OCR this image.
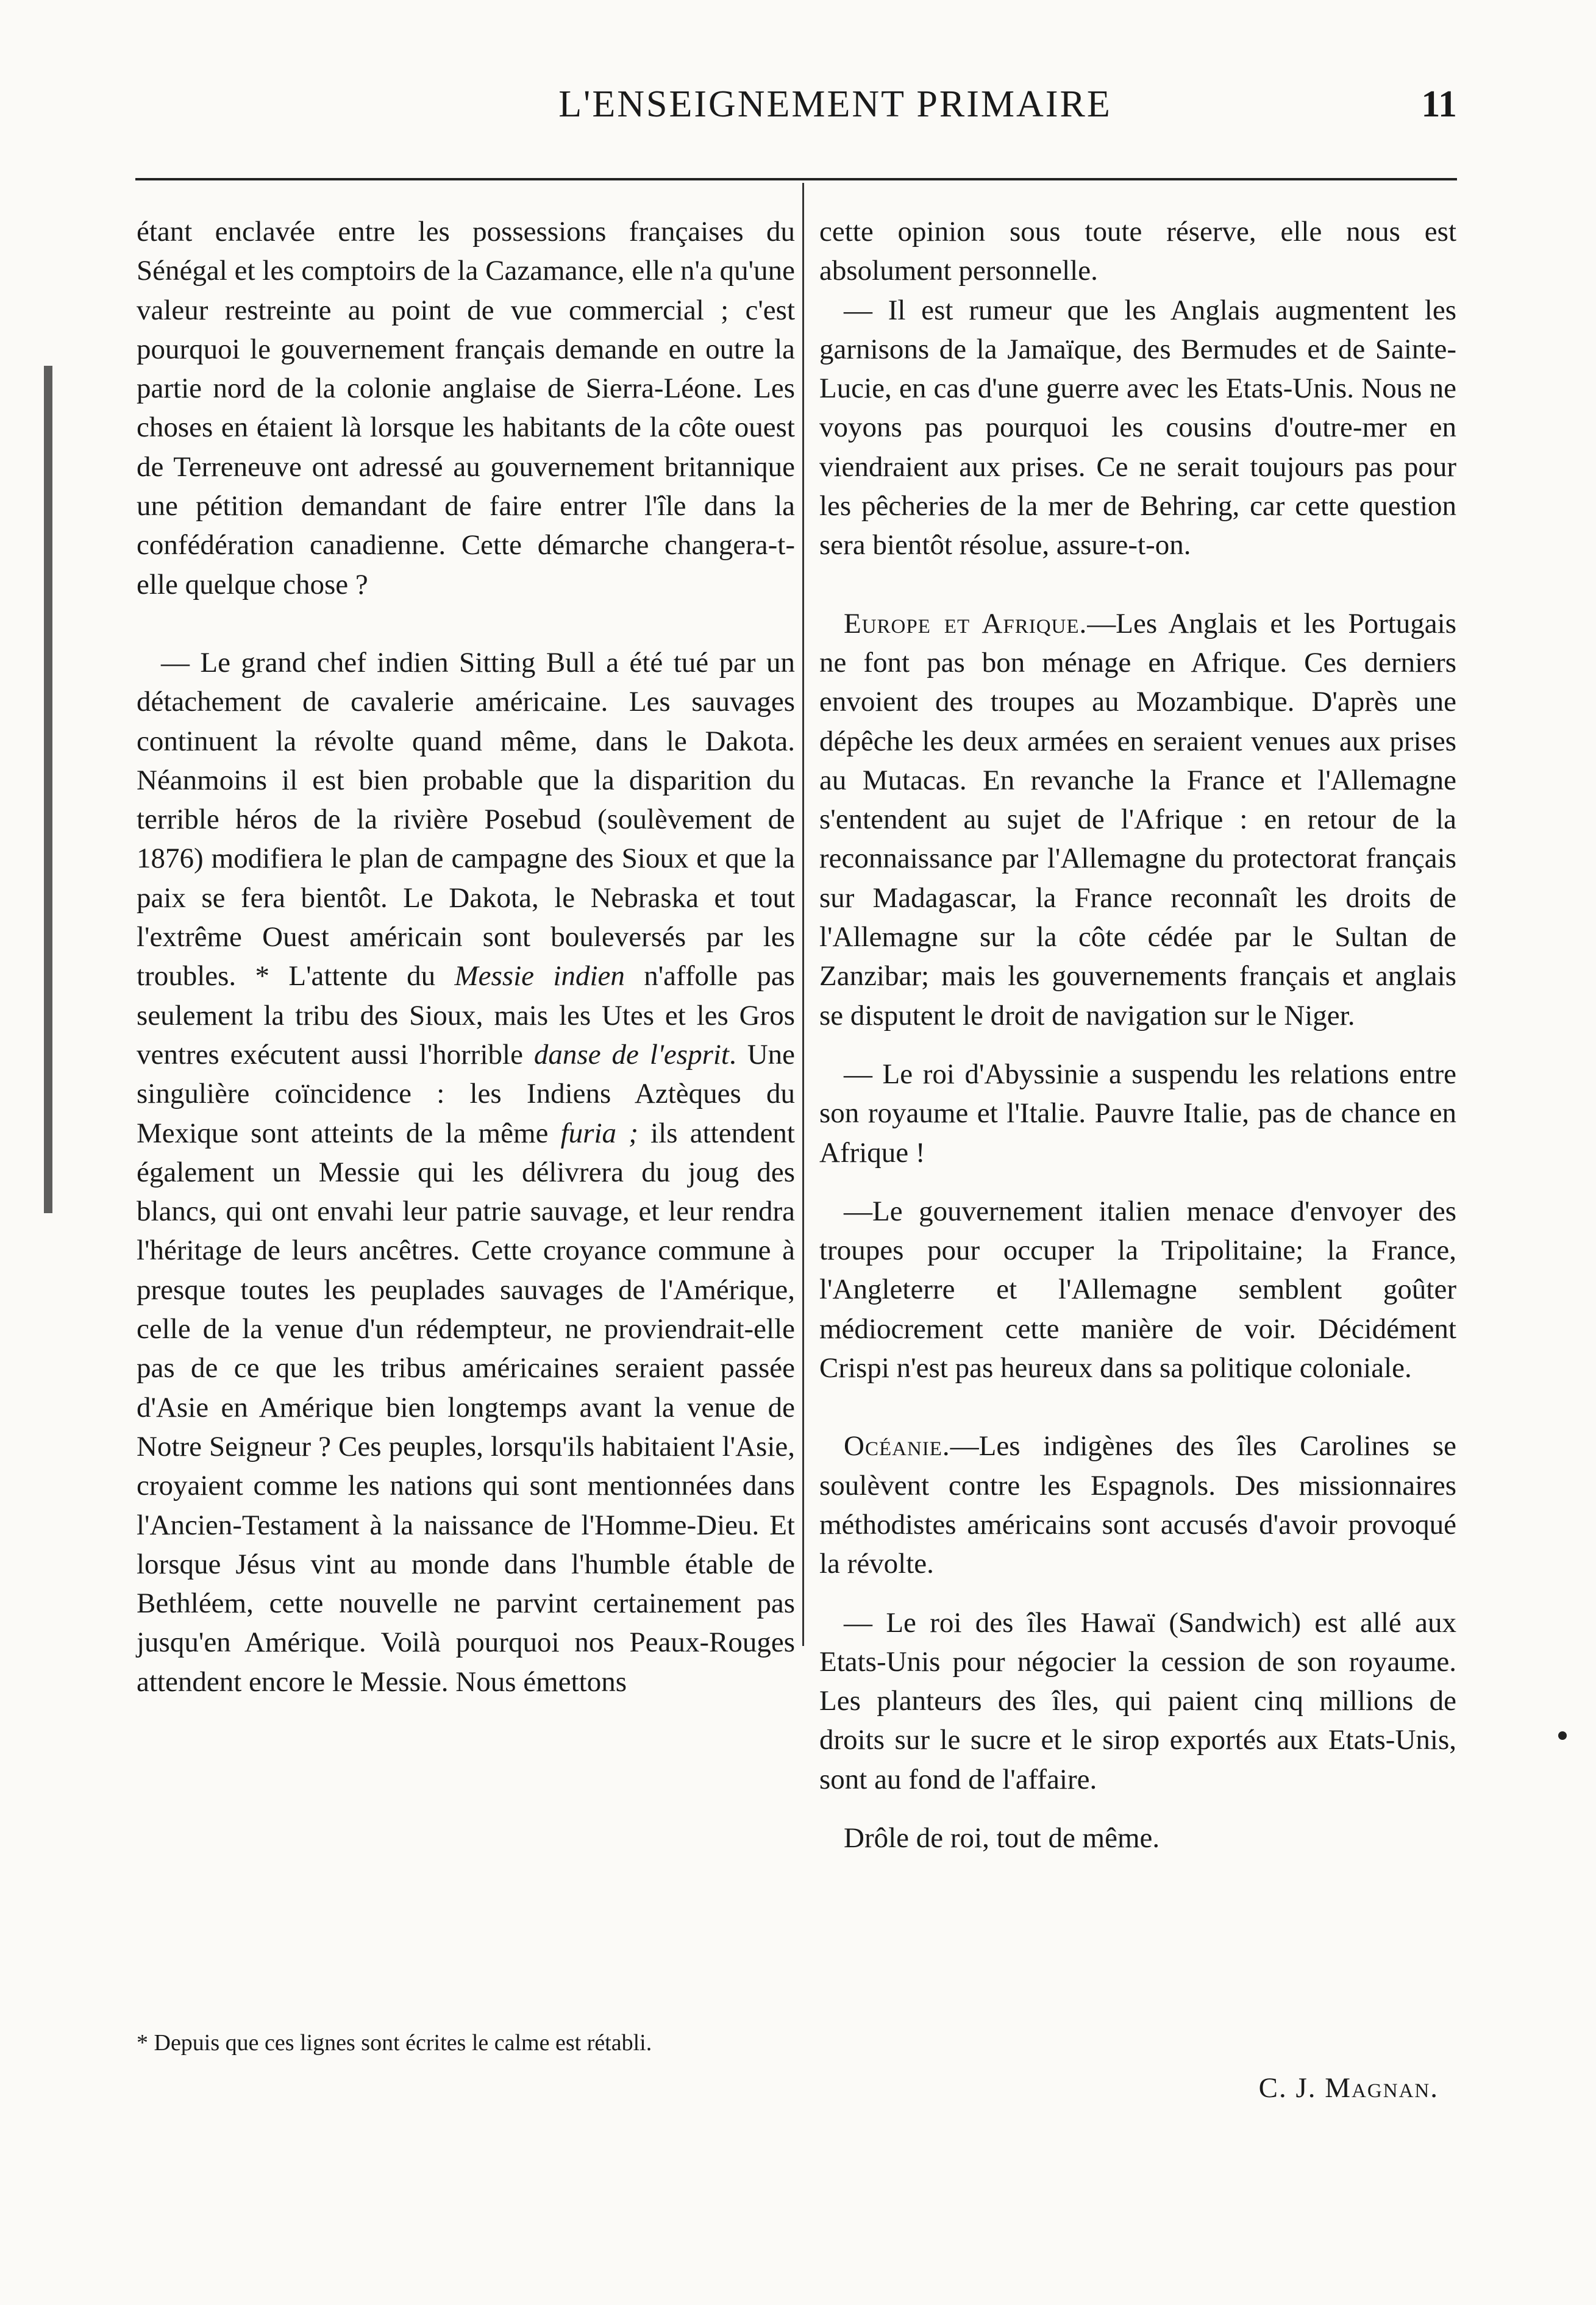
L'ENSEIGNEMENT PRIMAIRE	11

étant enclavée entre les possessions françaises du Sénégal et les comptoirs de la Cazamance, elle n'a qu'une valeur restreinte au point de vue commercial ; c'est pourquoi le gouvernement français demande en outre la partie nord de la colonie anglaise de Sierra-Léone. Les choses en étaient là lorsque les habitants de la côte ouest de Terreneuve ont adressé au gouvernement britannique une pétition demandant de faire entrer l'île dans la confédération canadienne. Cette démarche changera-t-elle quelque chose ?

— Le grand chef indien Sitting Bull a été tué par un détachement de cavalerie américaine. Les sauvages continuent la révolte quand même, dans le Dakota. Néanmoins il est bien probable que la disparition du terrible héros de la rivière Posebud (soulèvement de 1876) modifiera le plan de campagne des Sioux et que la paix se fera bientôt. Le Dakota, le Nebraska et tout l'extrême Ouest américain sont bouleversés par les troubles. * L'attente du Messie indien n'affolle pas seulement la tribu des Sioux, mais les Utes et les Gros ventres exécutent aussi l'horrible danse de l'esprit. Une singulière coïncidence : les Indiens Aztèques du Mexique sont atteints de la même furia ; ils attendent également un Messie qui les délivrera du joug des blancs, qui ont envahi leur patrie sauvage, et leur rendra l'héritage de leurs ancêtres. Cette croyance commune à presque toutes les peuplades sauvages de l'Amérique, celle de la venue d'un rédempteur, ne proviendrait-elle pas de ce que les tribus américaines seraient passée d'Asie en Amérique bien longtemps avant la venue de Notre Seigneur ? Ces peuples, lorsqu'ils habitaient l'Asie, croyaient comme les nations qui sont mentionnées dans l'Ancien-Testament à la naissance de l'Homme-Dieu. Et lorsque Jésus vint au monde dans l'humble étable de Bethléem, cette nouvelle ne parvint certainement pas jusqu'en Amérique. Voilà pourquoi nos Peaux-Rouges attendent encore le Messie. Nous émettons

* Depuis que ces lignes sont écrites le calme est rétabli.

cette opinion sous toute réserve, elle nous est absolument personnelle.

— Il est rumeur que les Anglais augmentent les garnisons de la Jamaïque, des Bermudes et de Sainte-Lucie, en cas d'une guerre avec les Etats-Unis. Nous ne voyons pas pourquoi les cousins d'outre-mer en viendraient aux prises. Ce ne serait toujours pas pour les pêcheries de la mer de Behring, car cette question sera bientôt résolue, assure-t-on.

Europe et Afrique.—Les Anglais et les Portugais ne font pas bon ménage en Afrique. Ces derniers envoient des troupes au Mozambique. D'après une dépêche les deux armées en seraient venues aux prises au Mutacas. En revanche la France et l'Allemagne s'entendent au sujet de l'Afrique : en retour de la reconnaissance par l'Allemagne du protectorat français sur Madagascar, la France reconnaît les droits de l'Allemagne sur la côte cédée par le Sultan de Zanzibar; mais les gouvernements français et anglais se disputent le droit de navigation sur le Niger.

— Le roi d'Abyssinie a suspendu les relations entre son royaume et l'Italie. Pauvre Italie, pas de chance en Afrique !

—Le gouvernement italien menace d'envoyer des troupes pour occuper la Tripolitaine; la France, l'Angleterre et l'Allemagne semblent goûter médiocrement cette manière de voir. Décidément Crispi n'est pas heureux dans sa politique coloniale.

Océanie.—Les indigènes des îles Carolines se soulèvent contre les Espagnols. Des missionnaires méthodistes américains sont accusés d'avoir provoqué la révolte.

— Le roi des îles Hawaï (Sandwich) est allé aux Etats-Unis pour négocier la cession de son royaume. Les planteurs des îles, qui paient cinq millions de droits sur le sucre et le sirop exportés aux Etats-Unis, sont au fond de l'affaire.

Drôle de roi, tout de même.

C. J. Magnan.
